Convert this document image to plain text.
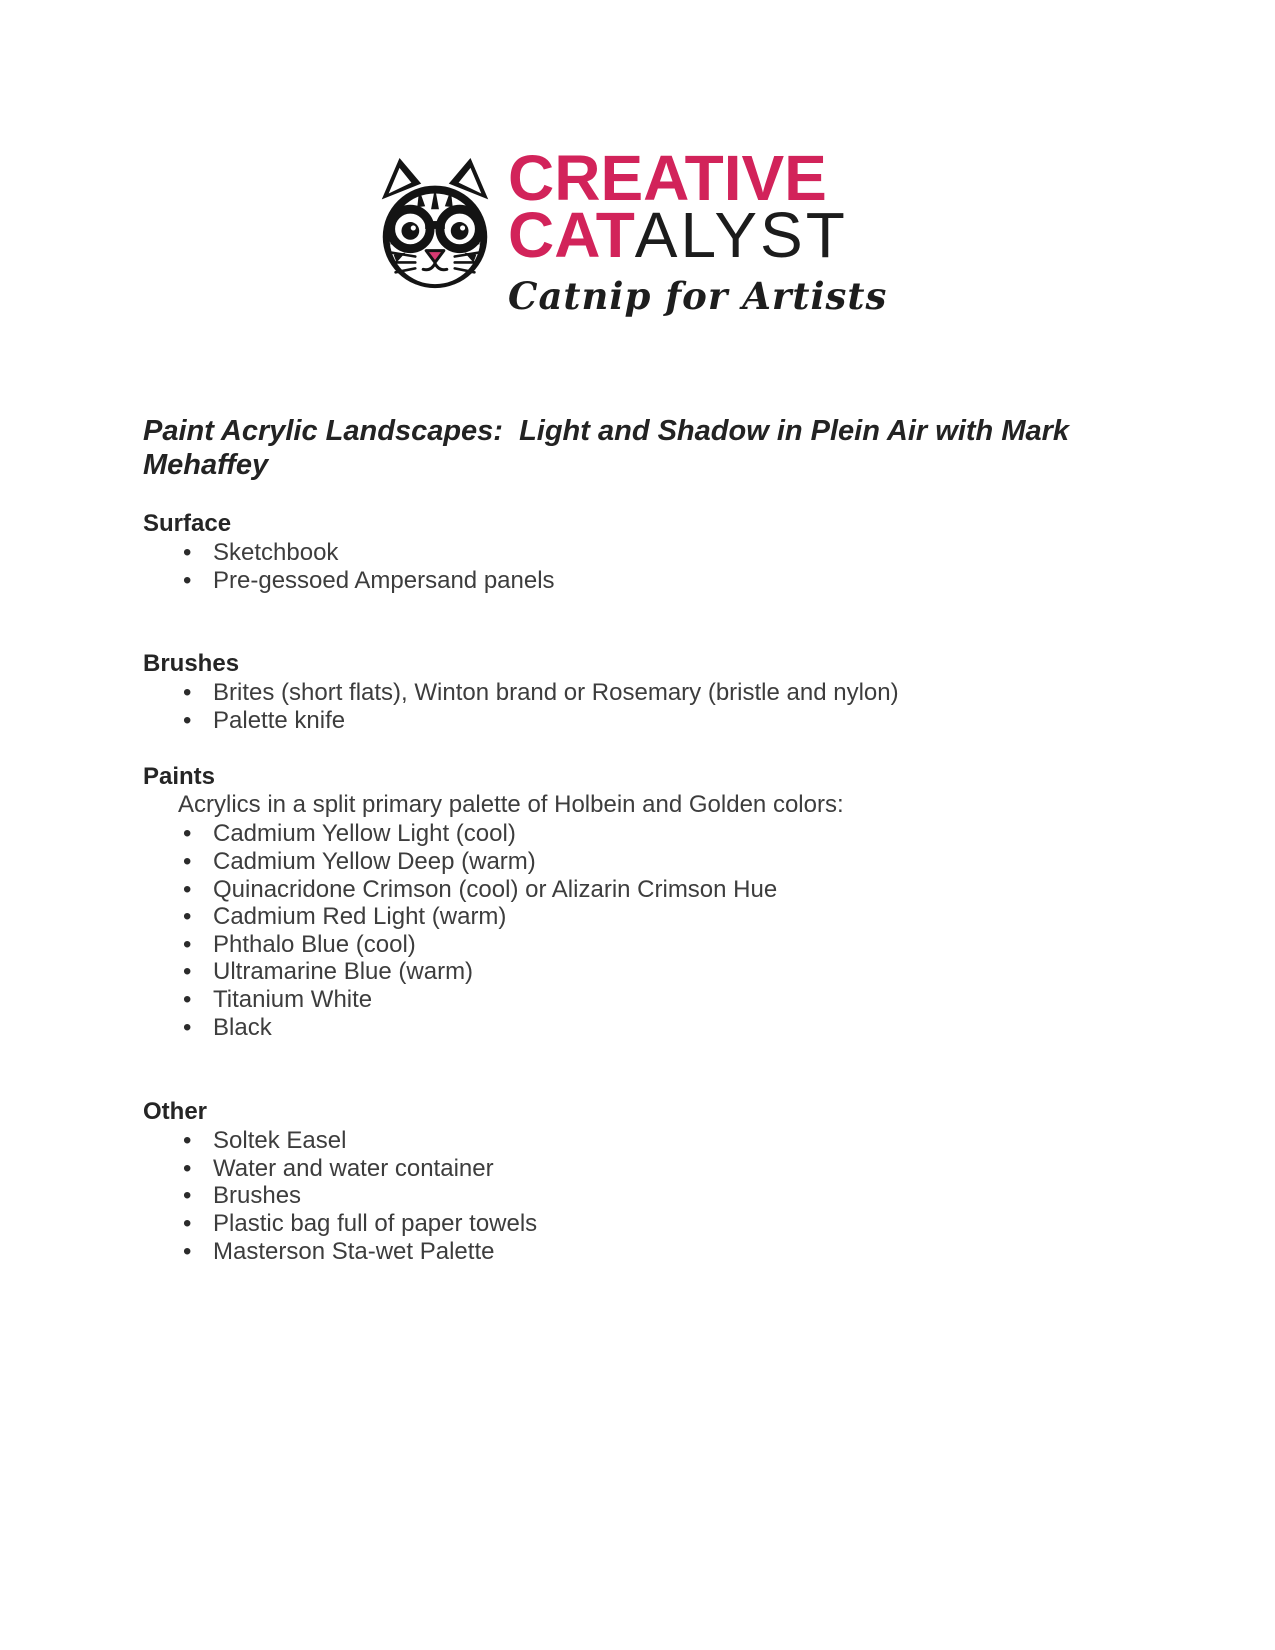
CREATIVE
CATALYST
Catnip for Artists
Paint Acrylic Landscapes:  Light and Shadow in Plein Air with Mark Mehaffey
Surface
• Sketchbook
• Pre-gessoed Ampersand panels
Brushes
• Brites (short flats), Winton brand or Rosemary (bristle and nylon)
• Palette knife
Paints

Acrylics in a split primary palette of Holbein and Golden colors:

• Cadmium Yellow Light (cool)
• Cadmium Yellow Deep (warm)
• Quinacridone Crimson (cool) or Alizarin Crimson Hue
• Cadmium Red Light (warm)
• Phthalo Blue (cool)
• Ultramarine Blue (warm)
• Titanium White
• Black
Other
• Soltek Easel
• Water and water container
• Brushes
• Plastic bag full of paper towels
• Masterson Sta-wet Palette
